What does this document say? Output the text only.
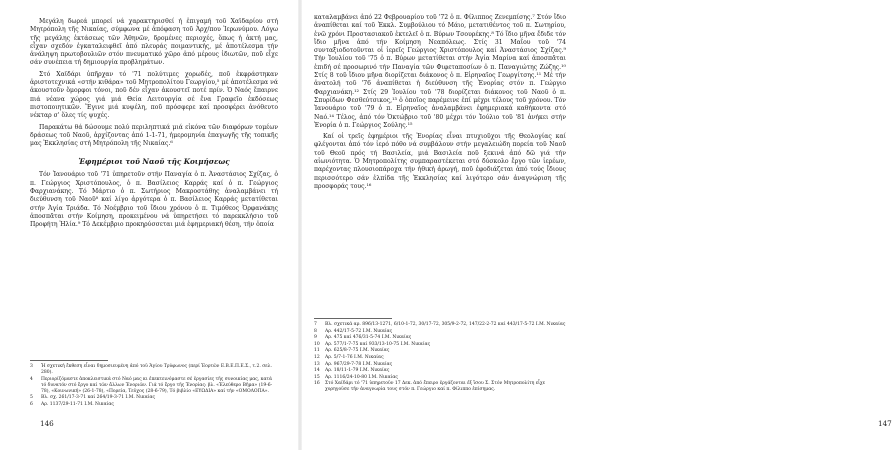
Μεγάλη δωρεά μπορεί νά χαρακτηρισθεί ή ἐπιγαμή τοῦ Χαϊδαρίου στή Μητρόπολη τῆς Νικαίας, σύμφωνα μέ ἀπόφαση τοῦ Ἀρχ/που Ἱερωνύμου. Λόγω τῆς μεγάλης ἐκτάσεως τῶν Ἀθηνῶν, δρομένες περιοχές, ὅπως ἡ ἀκτή μας, εἶχαν σχεδόν ἐγκαταλειφθεῖ ἀπό πλευράς ποιμαντικής, μέ ἀποτέλεσμα τήν ἀνάληψη πρωτοβουλιῶν στόν πνευματικό χῶρο ἀπό μέρους ἰδιωτῶν, ποῦ εἶχε σάν συνέπεια τή δημιουργία προβλημάτων.

Στό Χαϊδάρι ὑπῆρχαν τό '71 πολύτιμες χορωδές, ποῦ ἐκφράστηκαν ἀριστοτεχνικά «στήν κιθάρα» τοῦ Μητροπολίτου Γεωργίου,⁵ μέ ἀποτέλεσμα νά ἀκουστοῦν ὅμορφοι τόνοι, ποῦ δέν εἶχαν ἀκουστεῖ ποτέ πρίν. Ὁ Ναός ἔπαιρνε πιά νέανα χώρος γιά μιά Θεία Λειτουργία σέ ἕνα Γραφεῖο ἐκδόσεως πιστοποιητικῶν. Ἔγινε μιά κυψέλη, ποῦ πρόσφερε καί προσφέρει ἀνόθευτο νέκταρ σ' ὅλες τίς ψυχές.

Παρακάτω θά δώσουμε πολύ περιληπτικά μιά εἰκόνα τῶν διαφόρων τομέων δράσεως τοῦ Ναοῦ, ἀρχίζοντας ἀπό 1-1-71, ἡμερομηνία ἐπαγωγῆς τῆς τοπικῆς μας Ἐκκλησίας στή Μητρόπολη τῆς Νικαίας.⁶

Ἐφημέριοι τοῦ Ναοῦ τῆς Κοιμήσεως

Τόν Ἰανουάριο τοῦ '71 ὑπηρετοῦν στήν Παναγία ὁ π. Ἀναστάσιος Σχίζας, ὁ π. Γεώργιος Χριστόπουλος, ὁ π. Βασίλειος Καρράς καί ὁ π. Γεώργιος Φαρχιανάκης. Τό Μάρτιο ὁ π. Σωτήριος Μακροστάθης ἀναλαμβάνει τή διεύθυνση τοῦ Ναοῦ⁸ καί λίγο ἀργότερα ὁ π. Βασίλειος Καρράς μετατίθεται στήν Ἁγία Τριάδα. Τό Νοέμβριο τοῦ ἴδιου χρόνου ὁ π. Τιμόθεος Ὀρφανάκης ἀποσπᾶται στήν Κοίμηση, προκειμένου νά ὑπηρετήσει τό παρεκκλήσιο τοῦ Προφήτη Ἠλία.⁹ Τό Δεκέμβριο προκηρύσσεται μιά ἐφημεριακή θέση, τήν ὁποία

3	Ἡ σχετική ἔκθεση εἶναι δημοσιευμένη ἀπό τοῦ Ἁγίου Τρύφωνος (περί Ἑορτῶν Ε.Β.Ε.Π.Ε.Σ., τ.2. σελ. 280).
4	Περιορίζόμαστε ἀποκλειστικά στό Ναό μας κι ἐπεκτεινόμαστε σέ ἐργασίες τῆς συνοικίας μας, κατά τό δυνατόν στό ἔργο καί τῶν ἄλλων Ἐνοριῶν. Γιά τό ἔργο τῆς Ἐνορίας: βλ. «Ἐλεύθερο Βῆμα» (19-6-78), «Κοινωνική» (26-1-78), «Πορεία, Τεῦχος (28-6-79), Τό βιβλίο «ΕΥΩΔΙΑ» καί τήν «ΟΜΟΛΟΠΑ».
5	Βλ. σχ. 261/17-3-71 καί 264/19-3-71 Ι.Μ. Νικαίας
6	Αρ. 1137/29-11-71 Ι.Μ. Νικαίας
146	147

καταλαμβάνει ἀπό 22 Φεβρουαρίου τοῦ '72 ὁ π. Φίλιππος Ζενεμπίσης.⁷ Στόν ἴδιο ἀναπίθεται καί τοῦ Ἐκκλ. Συμβούλιου τό Μάιο, μετατιθέντος τοῦ π. Σωτηρίου, ἐνῶ χρόνι Προστασιακοῦ ἐκτελεῖ ὁ π. Βύρων Τσουρέκης.⁸ Τό ἴδιο μῆνα ἔδιδε τόν ἴδιο μῆνα ἀπό τήν Κοίμηση Νεαπόλεως. Στίς 31 Μαΐου τοῦ '74 συνταξιοδοτοῦνται οἱ ἱερεῖς Γεώργιος Χριστόπουλος καί Ἀναστάσιος Σχίζας.⁹ Τήν Ἰουλίου τοῦ '75 ὁ π. Βύρων μετατίθεται στήν Ἁγία Μαρίνα καί ἀποσπᾶται ἐπιδή σέ προσωρινό τήν Παναγία τῶν Φιφεταποσίων ὁ π. Παναγιώτης Ζώζης.¹⁰ Στίς 8 τοῦ ἴδιου μῆνα διορίζεται διάκονος ὁ π. Εἰρηναῖος Γεωργίτσης.¹¹ Μέ τήν ἀνατολή τοῦ '76 ἀναπίθεται ἡ διεύθυνση τῆς Ἐνορίας στόν π. Γεώργιο Φαρχιανάκη.¹² Στίς 29 Ἰουλίου τοῦ '78 διορίζεται διάκονος τοῦ Ναοῦ ὁ π. Σπυρίδων Φεσθεύτσικος,¹³ ὁ ὁποῖος παρέμεινε ἐπί μέχρι τέλους τοῦ χρόνου. Τόν Ἰανουάριο τοῦ '79 ὁ π. Εἰρηναῖος ἀναλαμβάνει ἐφημεριακά καθήκοντα στό Ναό.¹⁴ Τέλος, ἀπό τόν Ὀκτώβριο τοῦ '80 μέχρι τόν Ἰούλιο τοῦ '81 ἀνήκει στήν Ἐνορία ὁ π. Γεώργιος Σούλης.¹⁵

Καί οἱ τρεῖς ἐφημέριοι τῆς Ἐνορίας εἶναι πτυχιοῦχοι τῆς Θεολογίας καί φλέγονται ἀπό τόν ἱερό πόθο νά συμβάλουν στήν μεγαλειώδη πορεία τοῦ Ναοῦ τοῦ Θεοῦ πρός τή Βασιλεία, μιά Βασιλεία ποῦ ξεκινά ἀπό δῶ γιά τήν αἰωνιότητα. Ὁ Μητροπολίτης συμπαραστέκεται στό δύσκολο ἔργο τῶν ἱερέων, παρέχοντας πλουσιοπάροχα τήν ἠθική ἀρωγή, ποῦ ἐφοδιάζεται ἀπό τούς ἴδιους περισσότερο σάν ἐλπίδα τῆς Ἐκκλησίας καί λιγότερο σάν ἀναγνώριση τῆς προσφοράς τους.¹⁶

7	Βλ. σχετικά αρ. 896/13-1271, 6/10-1-72, 30/17-72, 305/9-2-72, 147/22-2-72 καί 443/17-5-72 Ι.Μ. Νικαίας
8	Αρ. 442/17-5-72 Ι.Μ. Νικαίας
9	Αρ. 475 καί 476/31-5-74 Ι.Μ. Νικαίας
10	Αρ. 577/1-7-75 καί 933/13-10-75 Ι.Μ. Νικαίας
11	Αρ. 625/8-7-75 Ι.Μ. Νικαίας
12	Αρ. 5/7-1-76 Ι.Μ. Νικαίας
13	Αρ. 967/29-7-78 Ι.Μ. Νικαίας
14	Αρ. 18/11-1-79 Ι.Μ. Νικαίας
15	Αρ. 1116/24-10-80 Ι.Μ. Νικαίας
16	Στό Χαϊδάρι τό '71 ὑπηρετοῦν 17 Δεκ. ἀπό ἔπειρο ἐργάζονται ἐξ ἴσου Σ. Στόν Μητροπολίτη εἶχε χορηγοῦσε τήν ἀναγνωρία τους στόν π. Γεώργιο καί π. Φίλιππο ἐπίσημας.
